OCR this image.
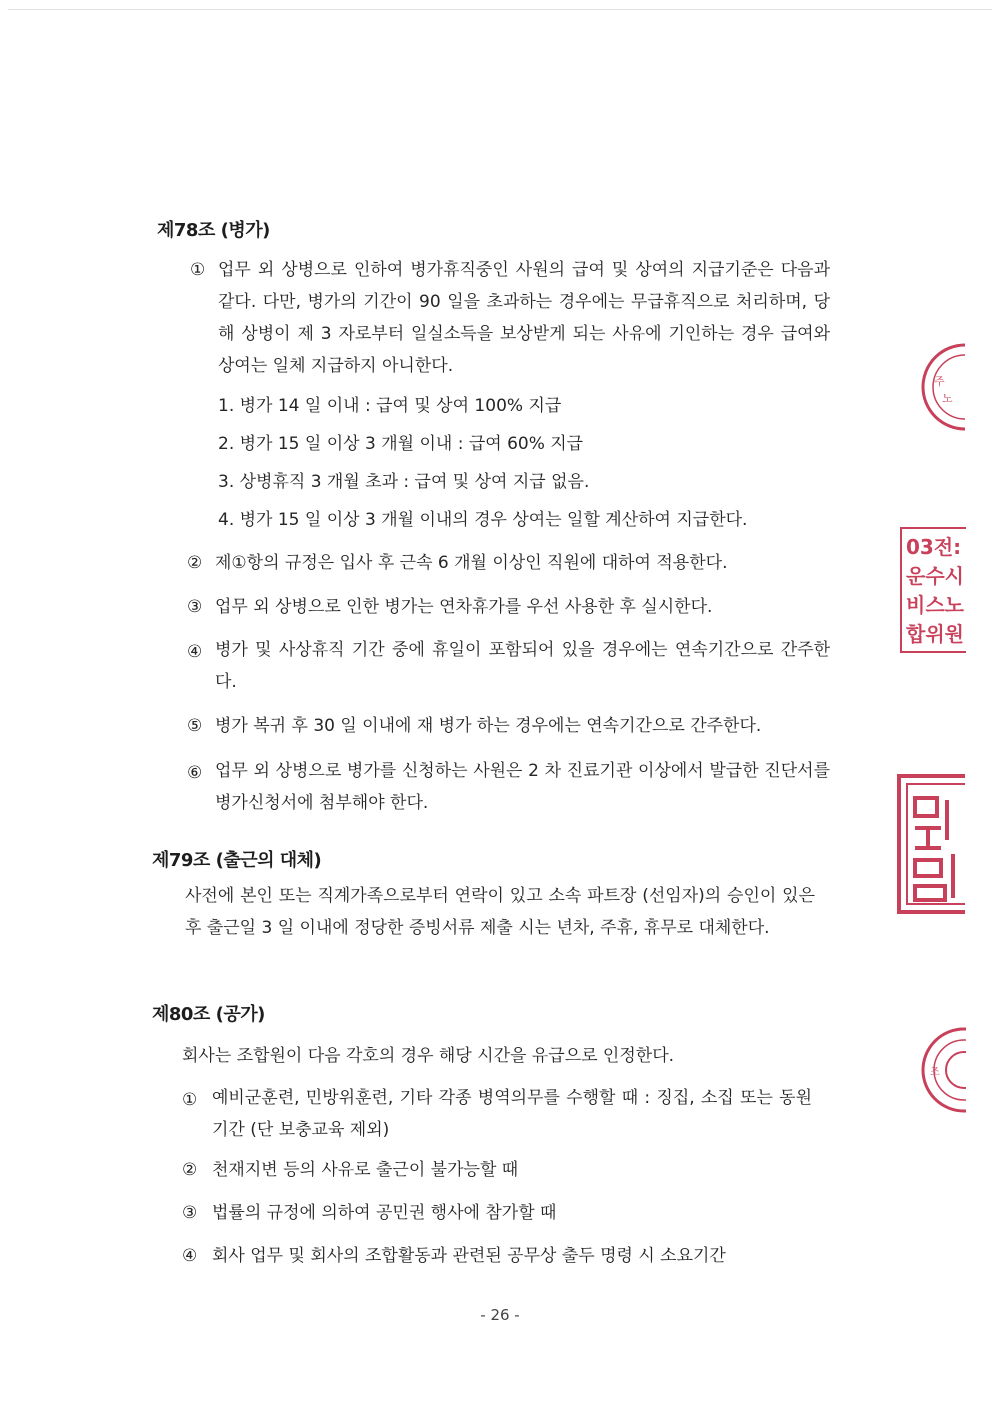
제78조 (병가)
① 업무 외 상병으로 인하여 병가휴직중인 사원의 급여 및 상여의 지급기준은 다음과 같다. 다만, 병가의 기간이 90 일을 초과하는 경우에는 무급휴직으로 처리하며, 당해 상병이 제 3 자로부터 일실소득을 보상받게 되는 사유에 기인하는 경우 급여와 상여는 일체 지급하지 아니한다.

1. 병가 14 일 이내 : 급여 및 상여 100% 지급
2. 병가 15 일 이상 3 개월 이내 : 급여 60% 지급
3. 상병휴직 3 개월 초과 : 급여 및 상여 지급 없음.
4. 병가 15 일 이상 3 개월 이내의 경우 상여는 일할 계산하여 지급한다.
② 제①항의 규정은 입사 후 근속 6 개월 이상인 직원에 대하여 적용한다.
③ 업무 외 상병으로 인한 병가는 연차휴가를 우선 사용한 후 실시한다.
④ 병가 및 사상휴직 기간 중에 휴일이 포함되어 있을 경우에는 연속기간으로 간주한다.

⑤ 병가 복귀 후 30 일 이내에 재 병가 하는 경우에는 연속기간으로 간주한다.
⑥ 업무 외 상병으로 병가를 신청하는 사원은 2 차 진료기관 이상에서 발급한 진단서를 병가신청서에 첨부해야 한다.

제79조 (출근의 대체)

사전에 본인 또는 직계가족으로부터 연락이 있고 소속 파트장 (선임자)의 승인이 있은 후 출근일 3 일 이내에 정당한 증빙서류 제출 시는 년차, 주휴, 휴무로 대체한다.

제80조 (공가)
회사는 조합원이 다음 각호의 경우 해당 시간을 유급으로 인정한다.
① 예비군훈련, 민방위훈련, 기타 각종 병역의무를 수행할 때 : 징집, 소집 또는 동원기간 (단 보충교육 제외)

② 천재지변 등의 사유로 출근이 불가능할 때
③ 법률의 규정에 의하여 공민권 행사에 참가할 때
④ 회사 업무 및 회사의 조합활동과 관련된 공무상 출두 명령 시 소요기간
- 26 -
주
노
03전:
운수시
비스노
합위원
조
